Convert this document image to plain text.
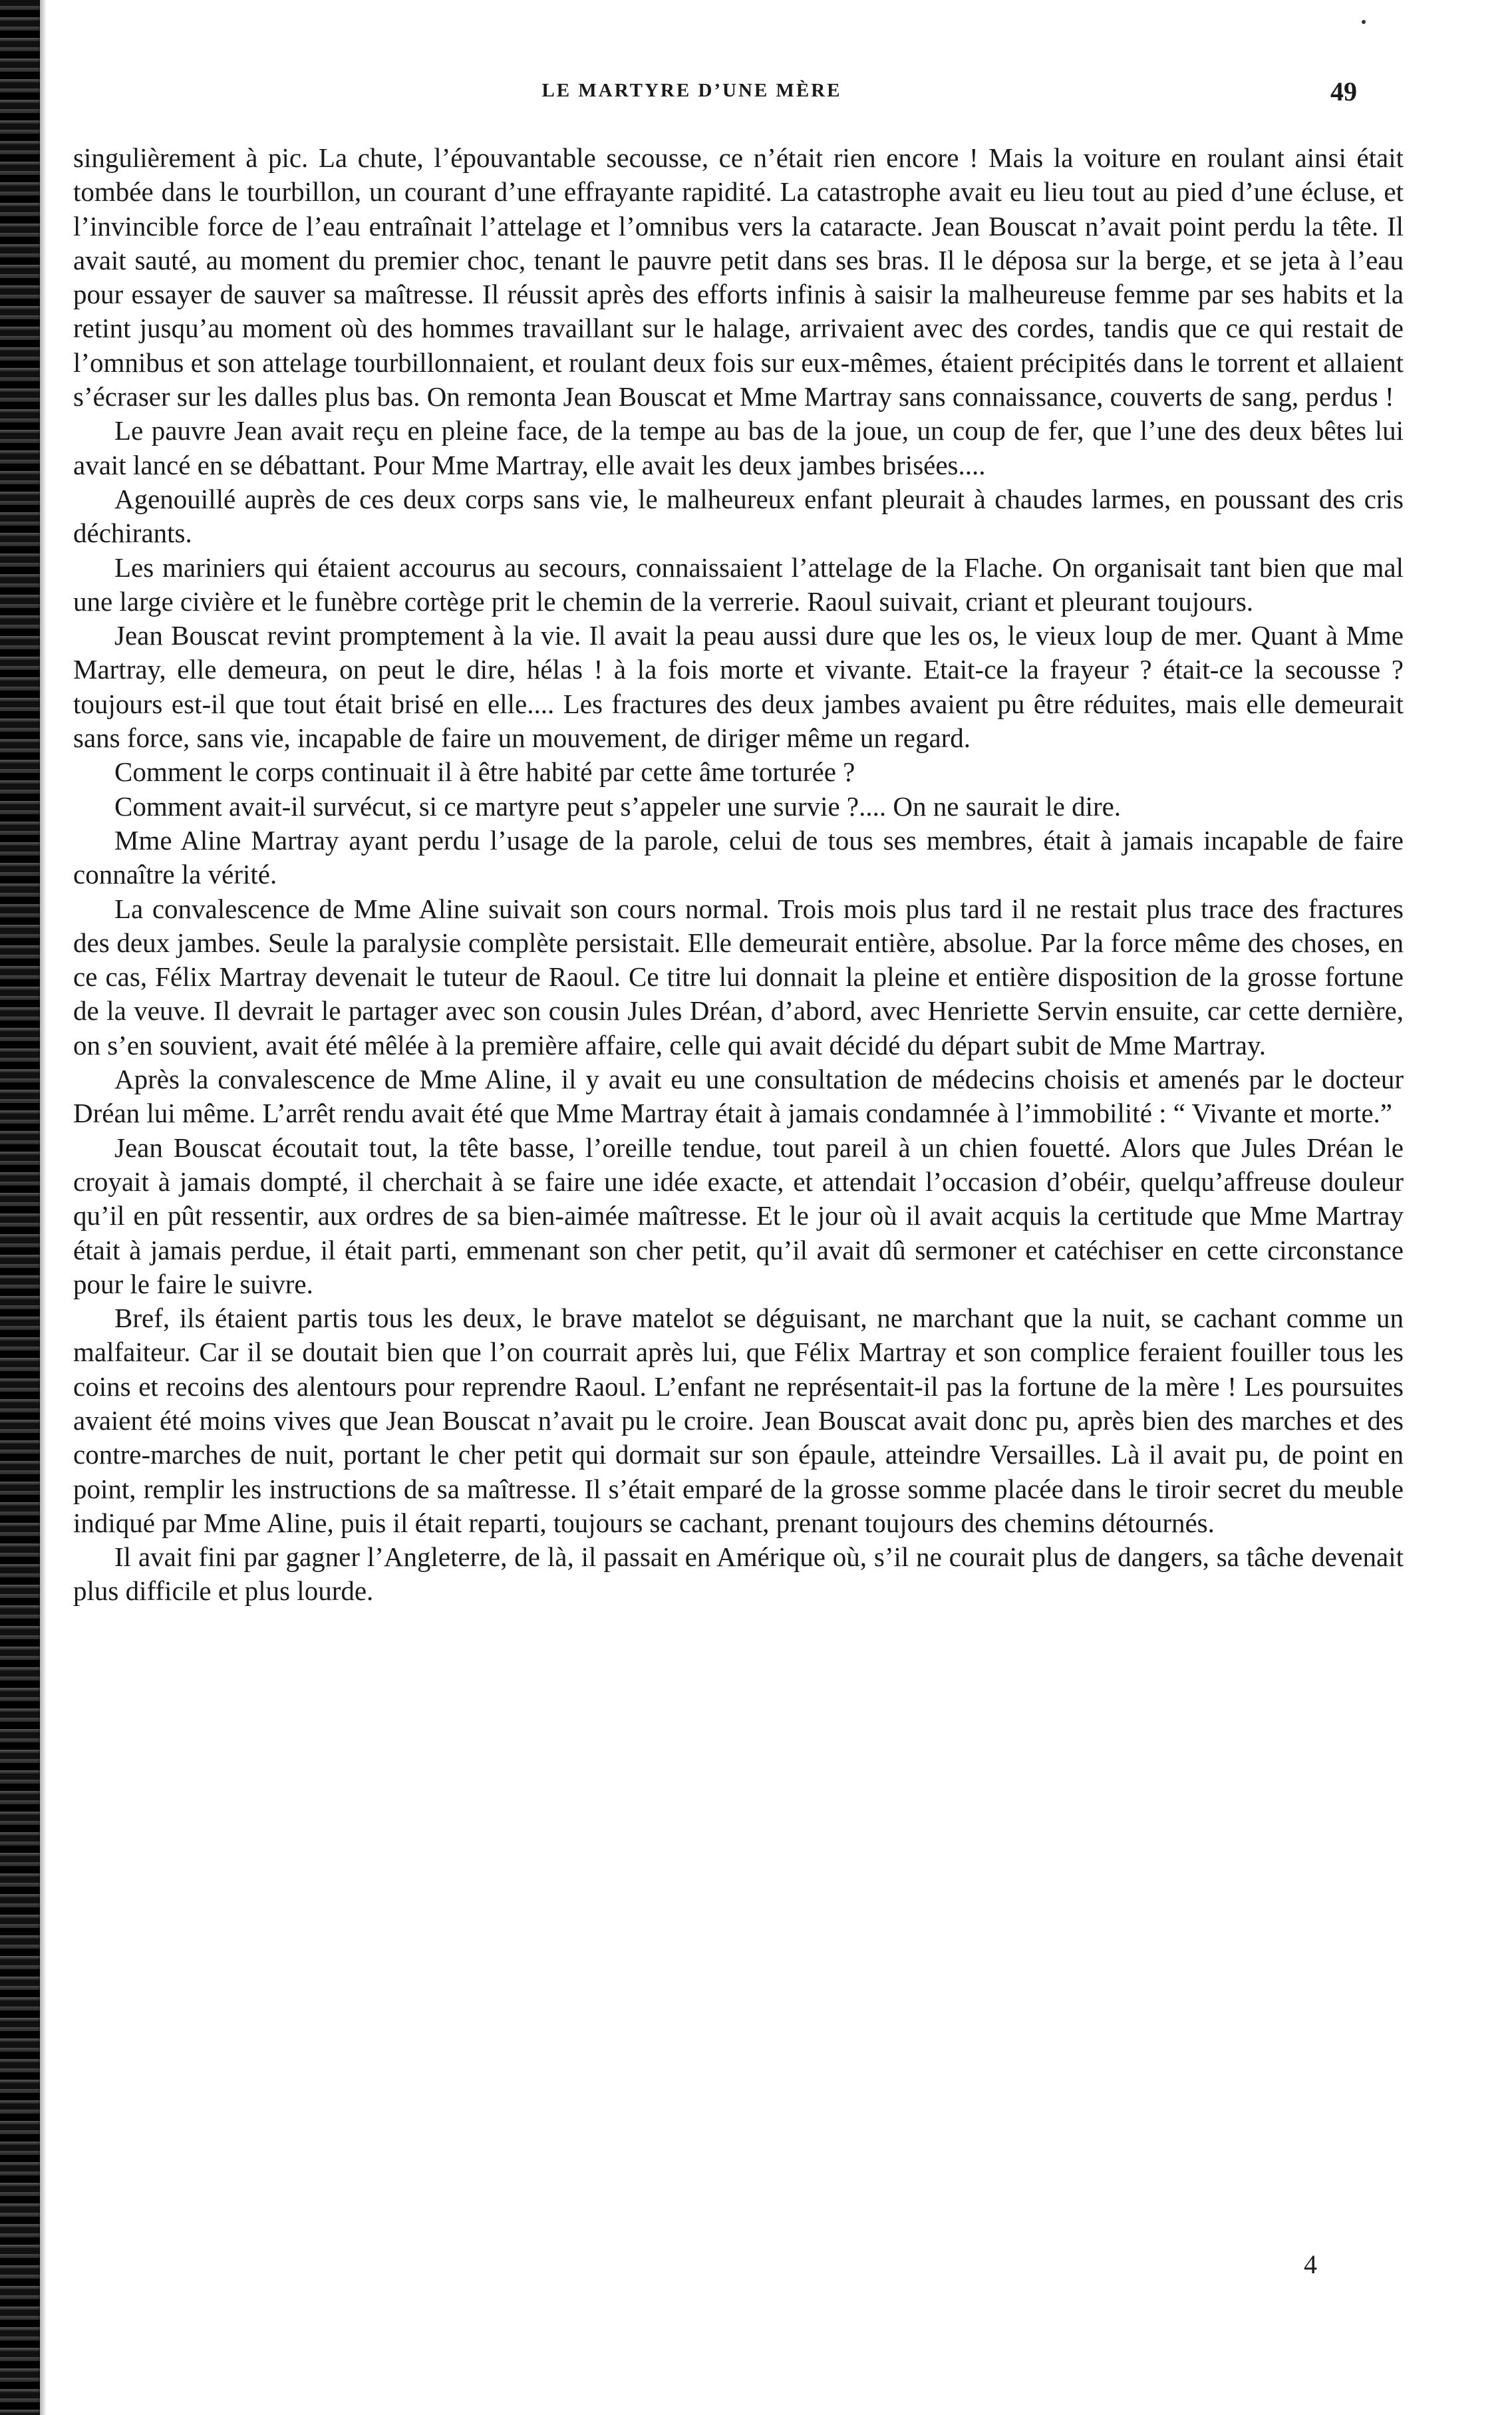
LE MARTYRE D’UNE MÈRE	49

singulièrement à pic. La chute, l’épouvantable secousse, ce n’était rien encore ! Mais la voiture en roulant ainsi était tombée dans le tourbillon, un courant d’une effrayante rapidité. La catastrophe avait eu lieu tout au pied d’une écluse, et l’invincible force de l’eau entraînait l’attelage et l’omnibus vers la cataracte. Jean Bouscat n’avait point perdu la tête. Il avait sauté, au moment du premier choc, tenant le pauvre petit dans ses bras. Il le déposa sur la berge, et se jeta à l’eau pour essayer de sauver sa maîtresse. Il réussit après des efforts infinis à saisir la malheureuse femme par ses habits et la retint jusqu’au moment où des hommes travaillant sur le halage, arrivaient avec des cordes, tandis que ce qui restait de l’omnibus et son attelage tourbillonnaient, et roulant deux fois sur eux-mêmes, étaient précipités dans le torrent et allaient s’écraser sur les dalles plus bas. On remonta Jean Bouscat et Mme Martray sans connaissance, couverts de sang, perdus !

Le pauvre Jean avait reçu en pleine face, de la tempe au bas de la joue, un coup de fer, que l’une des deux bêtes lui avait lancé en se débattant. Pour Mme Martray, elle avait les deux jambes brisées....

Agenouillé auprès de ces deux corps sans vie, le malheureux enfant pleurait à chaudes larmes, en poussant des cris déchirants.

Les mariniers qui étaient accourus au secours, connaissaient l’attelage de la Flache. On organisait tant bien que mal une large civière et le funèbre cortège prit le chemin de la verrerie. Raoul suivait, criant et pleurant toujours.

Jean Bouscat revint promptement à la vie. Il avait la peau aussi dure que les os, le vieux loup de mer. Quant à Mme Martray, elle demeura, on peut le dire, hélas ! à la fois morte et vivante. Etait-ce la frayeur ? était-ce la secousse ? toujours est-il que tout était brisé en elle.... Les fractures des deux jambes avaient pu être réduites, mais elle demeurait sans force, sans vie, incapable de faire un mouvement, de diriger même un regard.

Comment le corps continuait il à être habité par cette âme torturée ?

Comment avait-il survécut, si ce martyre peut s’appeler une survie ?.... On ne saurait le dire.

Mme Aline Martray ayant perdu l’usage de la parole, celui de tous ses membres, était à jamais incapable de faire connaître la vérité.

La convalescence de Mme Aline suivait son cours normal. Trois mois plus tard il ne restait plus trace des fractures des deux jambes. Seule la paralysie complète persistait. Elle demeurait entière, absolue. Par la force même des choses, en ce cas, Félix Martray devenait le tuteur de Raoul. Ce titre lui donnait la pleine et entière disposition de la grosse fortune de la veuve. Il devrait le partager avec son cousin Jules Dréan, d’abord, avec Henriette Servin ensuite, car cette dernière, on s’en souvient, avait été mêlée à la première affaire, celle qui avait décidé du départ subit de Mme Martray.

Après la convalescence de Mme Aline, il y avait eu une consultation de médecins choisis et amenés par le docteur Dréan lui même. L’arrêt rendu avait été que Mme Martray était à jamais condamnée à l’immobilité : “ Vivante et morte.”

Jean Bouscat écoutait tout, la tête basse, l’oreille tendue, tout pareil à un chien fouetté. Alors que Jules Dréan le croyait à jamais dompté, il cherchait à se faire une idée exacte, et attendait l’occasion d’obéir, quelqu’affreuse douleur qu’il en pût ressentir, aux ordres de sa bien-aimée maîtresse. Et le jour où il avait acquis la certitude que Mme Martray était à jamais perdue, il était parti, emmenant son cher petit, qu’il avait dû sermoner et catéchiser en cette circonstance pour le faire le suivre.

Bref, ils étaient partis tous les deux, le brave matelot se déguisant, ne marchant que la nuit, se cachant comme un malfaiteur. Car il se doutait bien que l’on courrait après lui, que Félix Martray et son complice feraient fouiller tous les coins et recoins des alentours pour reprendre Raoul. L’enfant ne représentait-il pas la fortune de la mère ! Les poursuites avaient été moins vives que Jean Bouscat n’avait pu le croire. Jean Bouscat avait donc pu, après bien des marches et des contre-marches de nuit, portant le cher petit qui dormait sur son épaule, atteindre Versailles. Là il avait pu, de point en point, remplir les instructions de sa maîtresse. Il s’était emparé de la grosse somme placée dans le tiroir secret du meuble indiqué par Mme Aline, puis il était reparti, toujours se cachant, prenant toujours des chemins détournés.

Il avait fini par gagner l’Angleterre, de là, il passait en Amérique où, s’il ne courait plus de dangers, sa tâche devenait plus difficile et plus lourde.

4
